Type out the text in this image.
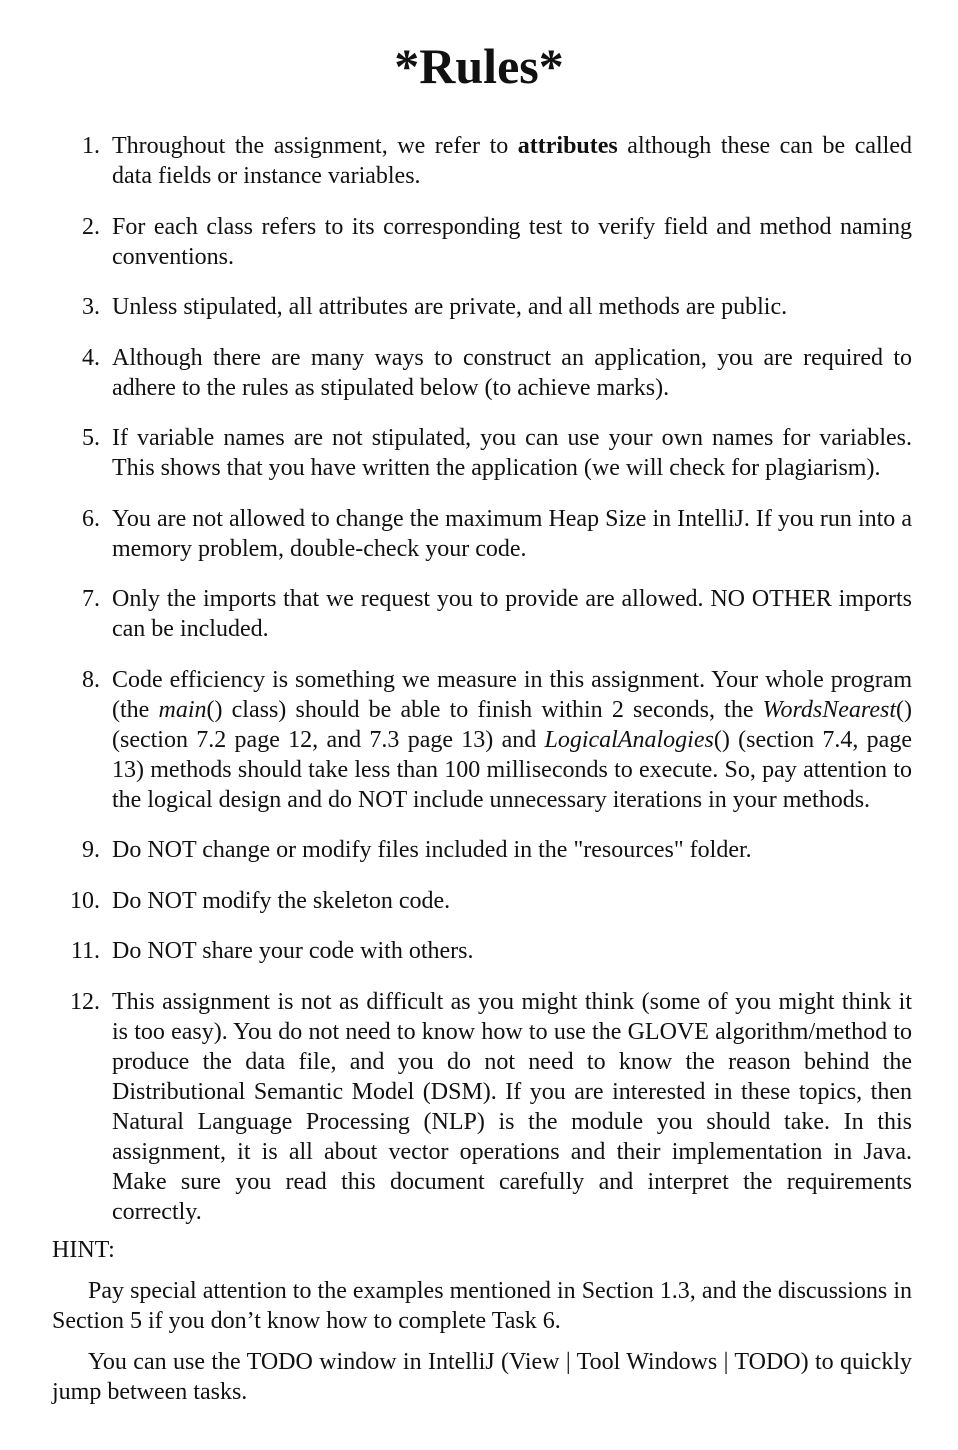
*Rules*
1. Throughout the assignment, we refer to attributes although these can be called data fields or instance variables.
2. For each class refers to its corresponding test to verify field and method naming conventions.
3. Unless stipulated, all attributes are private, and all methods are public.
4. Although there are many ways to construct an application, you are required to adhere to the rules as stipulated below (to achieve marks).
5. If variable names are not stipulated, you can use your own names for variables. This shows that you have written the application (we will check for plagiarism).
6. You are not allowed to change the maximum Heap Size in IntelliJ. If you run into a memory problem, double-check your code.
7. Only the imports that we request you to provide are allowed. NO OTHER imports can be included.
8. Code efficiency is something we measure in this assignment. Your whole program (the main() class) should be able to finish within 2 seconds, the WordsNearest() (section 7.2 page 12, and 7.3 page 13) and LogicalAnalogies() (section 7.4, page 13) methods should take less than 100 milliseconds to execute. So, pay attention to the logical design and do NOT include unnecessary iterations in your methods.
9. Do NOT change or modify files included in the "resources" folder.
10. Do NOT modify the skeleton code.
11. Do NOT share your code with others.
12. This assignment is not as difficult as you might think (some of you might think it is too easy). You do not need to know how to use the GLOVE algorithm/method to produce the data file, and you do not need to know the reason behind the Distributional Semantic Model (DSM). If you are interested in these topics, then Natural Language Processing (NLP) is the module you should take. In this assignment, it is all about vector operations and their implementation in Java. Make sure you read this document carefully and interpret the requirements correctly.

HINT:

Pay special attention to the examples mentioned in Section 1.3, and the discussions in Section 5 if you don’t know how to complete Task 6.

You can use the TODO window in IntelliJ (View | Tool Windows | TODO) to quickly jump between tasks.
